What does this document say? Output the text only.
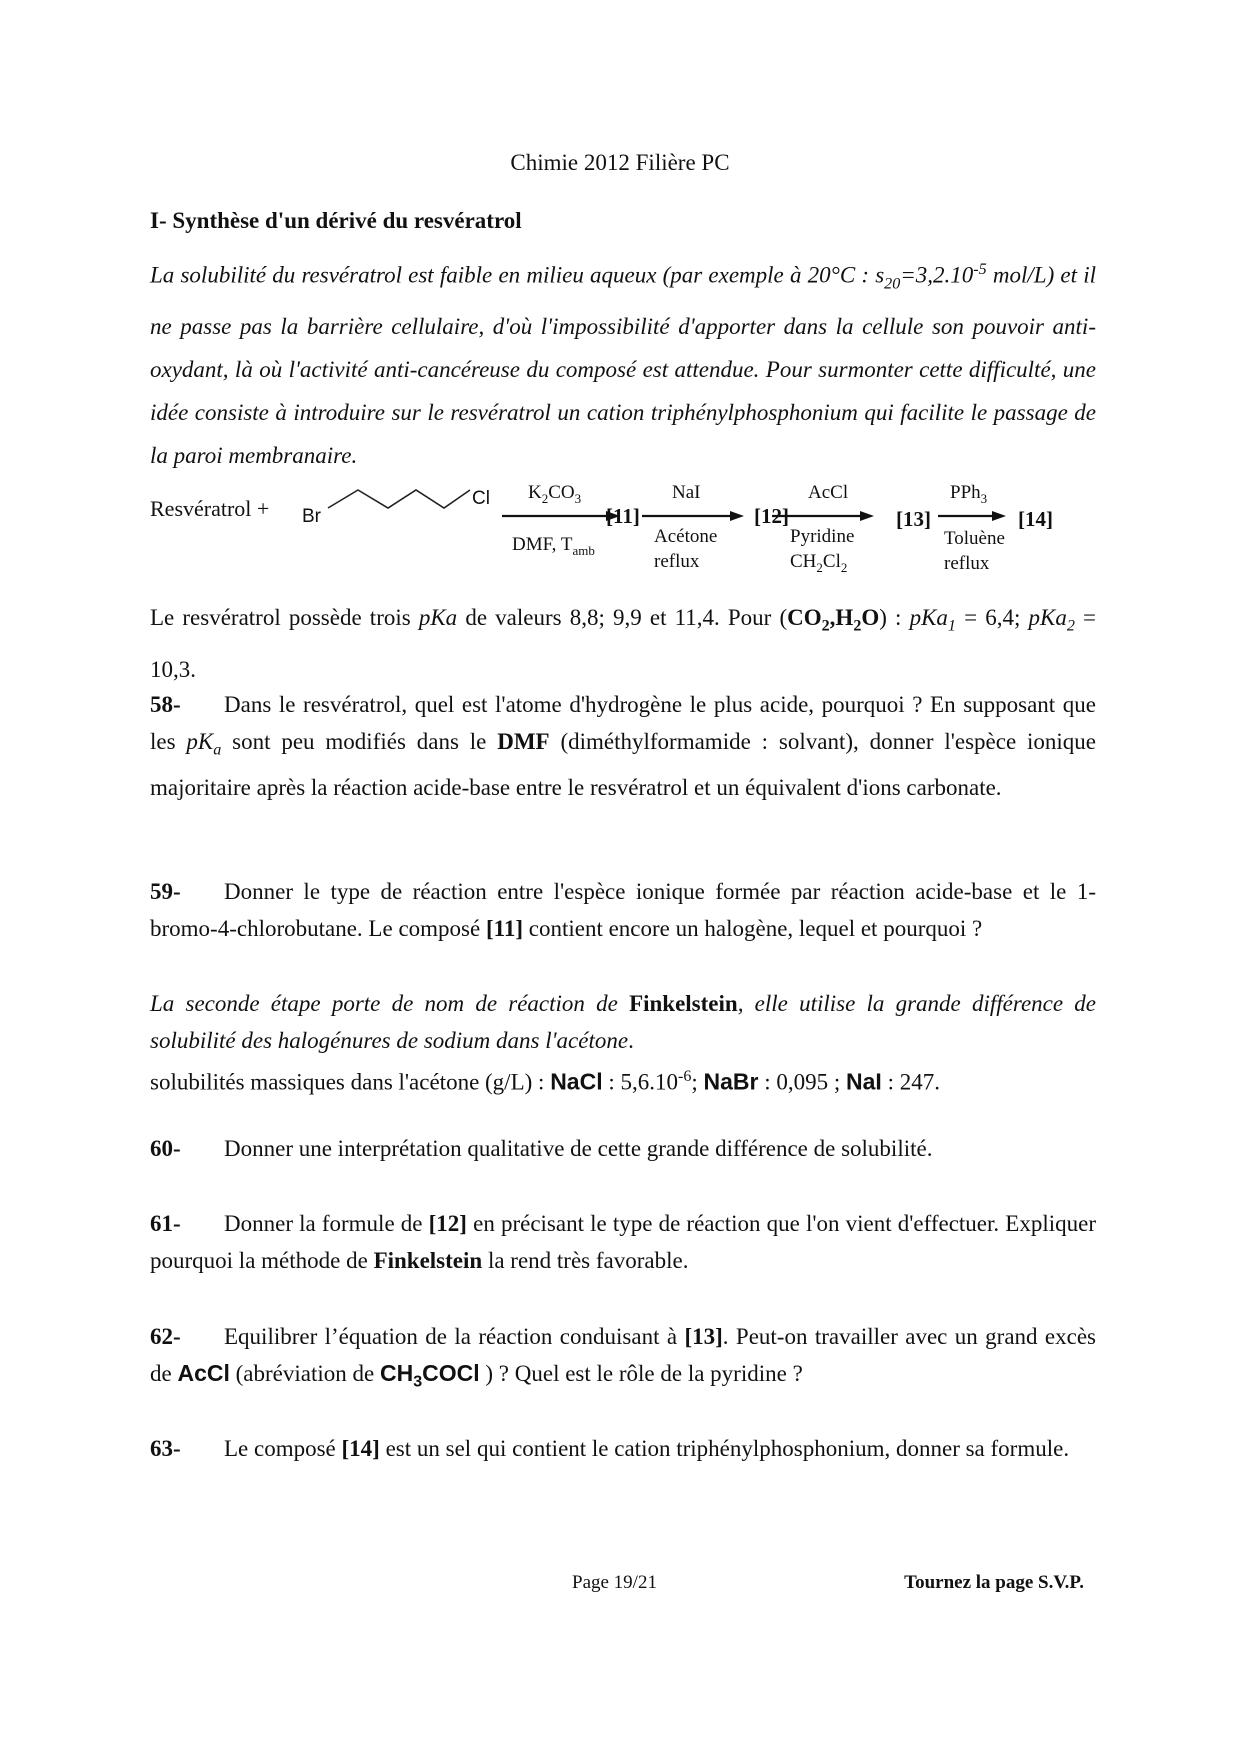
Chimie 2012 Filière PC
I- Synthèse d'un dérivé du resvératrol
La solubilité du resvératrol est faible en milieu aqueux (par exemple à 20°C : $s_{20}=3,2.10^{-5}$ mol/L) et il ne passe pas la barrière cellulaire, d'où l'impossibilité d'apporter dans la cellule son pouvoir anti-oxydant, là où l'activité anti-cancéreuse du composé est attendue. Pour surmonter cette difficulté, une idée consiste à introduire sur le resvératrol un cation triphénylphosphonium qui facilite le passage de la paroi membranaire.
Resvératrol + Br
Cl $K_2CO_3$
DMF, $T_{amb}$
[11]
NaI
Acétone
reflux
[12]
AcCl
Pyridine
$CH_2Cl_2$
[13]
PPh$_3$
Toluène
reflux
[14]
Le resvératrol possède trois pKa de valeurs 8,8; 9,9 et 11,4. Pour $(CO_2,H_2O)$ : pKa$_1$ = 6,4; pKa$_2$ = 10,3.
58- Dans le resvératrol, quel est l'atome d'hydrogène le plus acide, pourquoi ? En supposant que les $pK_a$ sont peu modifiés dans le DMF (diméthylformamide : solvant), donner l'espèce ionique majoritaire après la réaction acide-base entre le resvératrol et un équivalent d'ions carbonate.
59- Donner le type de réaction entre l'espèce ionique formée par réaction acide-base et le 1-bromo-4-chlorobutane. Le composé [11] contient encore un halogène, lequel et pourquoi ?
La seconde étape porte de nom de réaction de Finkelstein, elle utilise la grande différence de solubilité des halogénures de sodium dans l'acétone.
solubilités massiques dans l'acétone (g/L) : NaCl : $5,6.10^{-6}$; NaBr : 0,095 ; NaI : 247.
60- Donner une interprétation qualitative de cette grande différence de solubilité.
61- Donner la formule de [12] en précisant le type de réaction que l'on vient d'effectuer. Expliquer pourquoi la méthode de Finkelstein la rend très favorable.
62- Equilibrer l’équation de la réaction conduisant à [13]. Peut-on travailler avec un grand excès de AcCl (abréviation de $CH_3COCl$ ) ? Quel est le rôle de la pyridine ?
63- Le composé [14] est un sel qui contient le cation triphénylphosphonium, donner sa formule.
Page 19/21	Tournez la page S.V.P.
